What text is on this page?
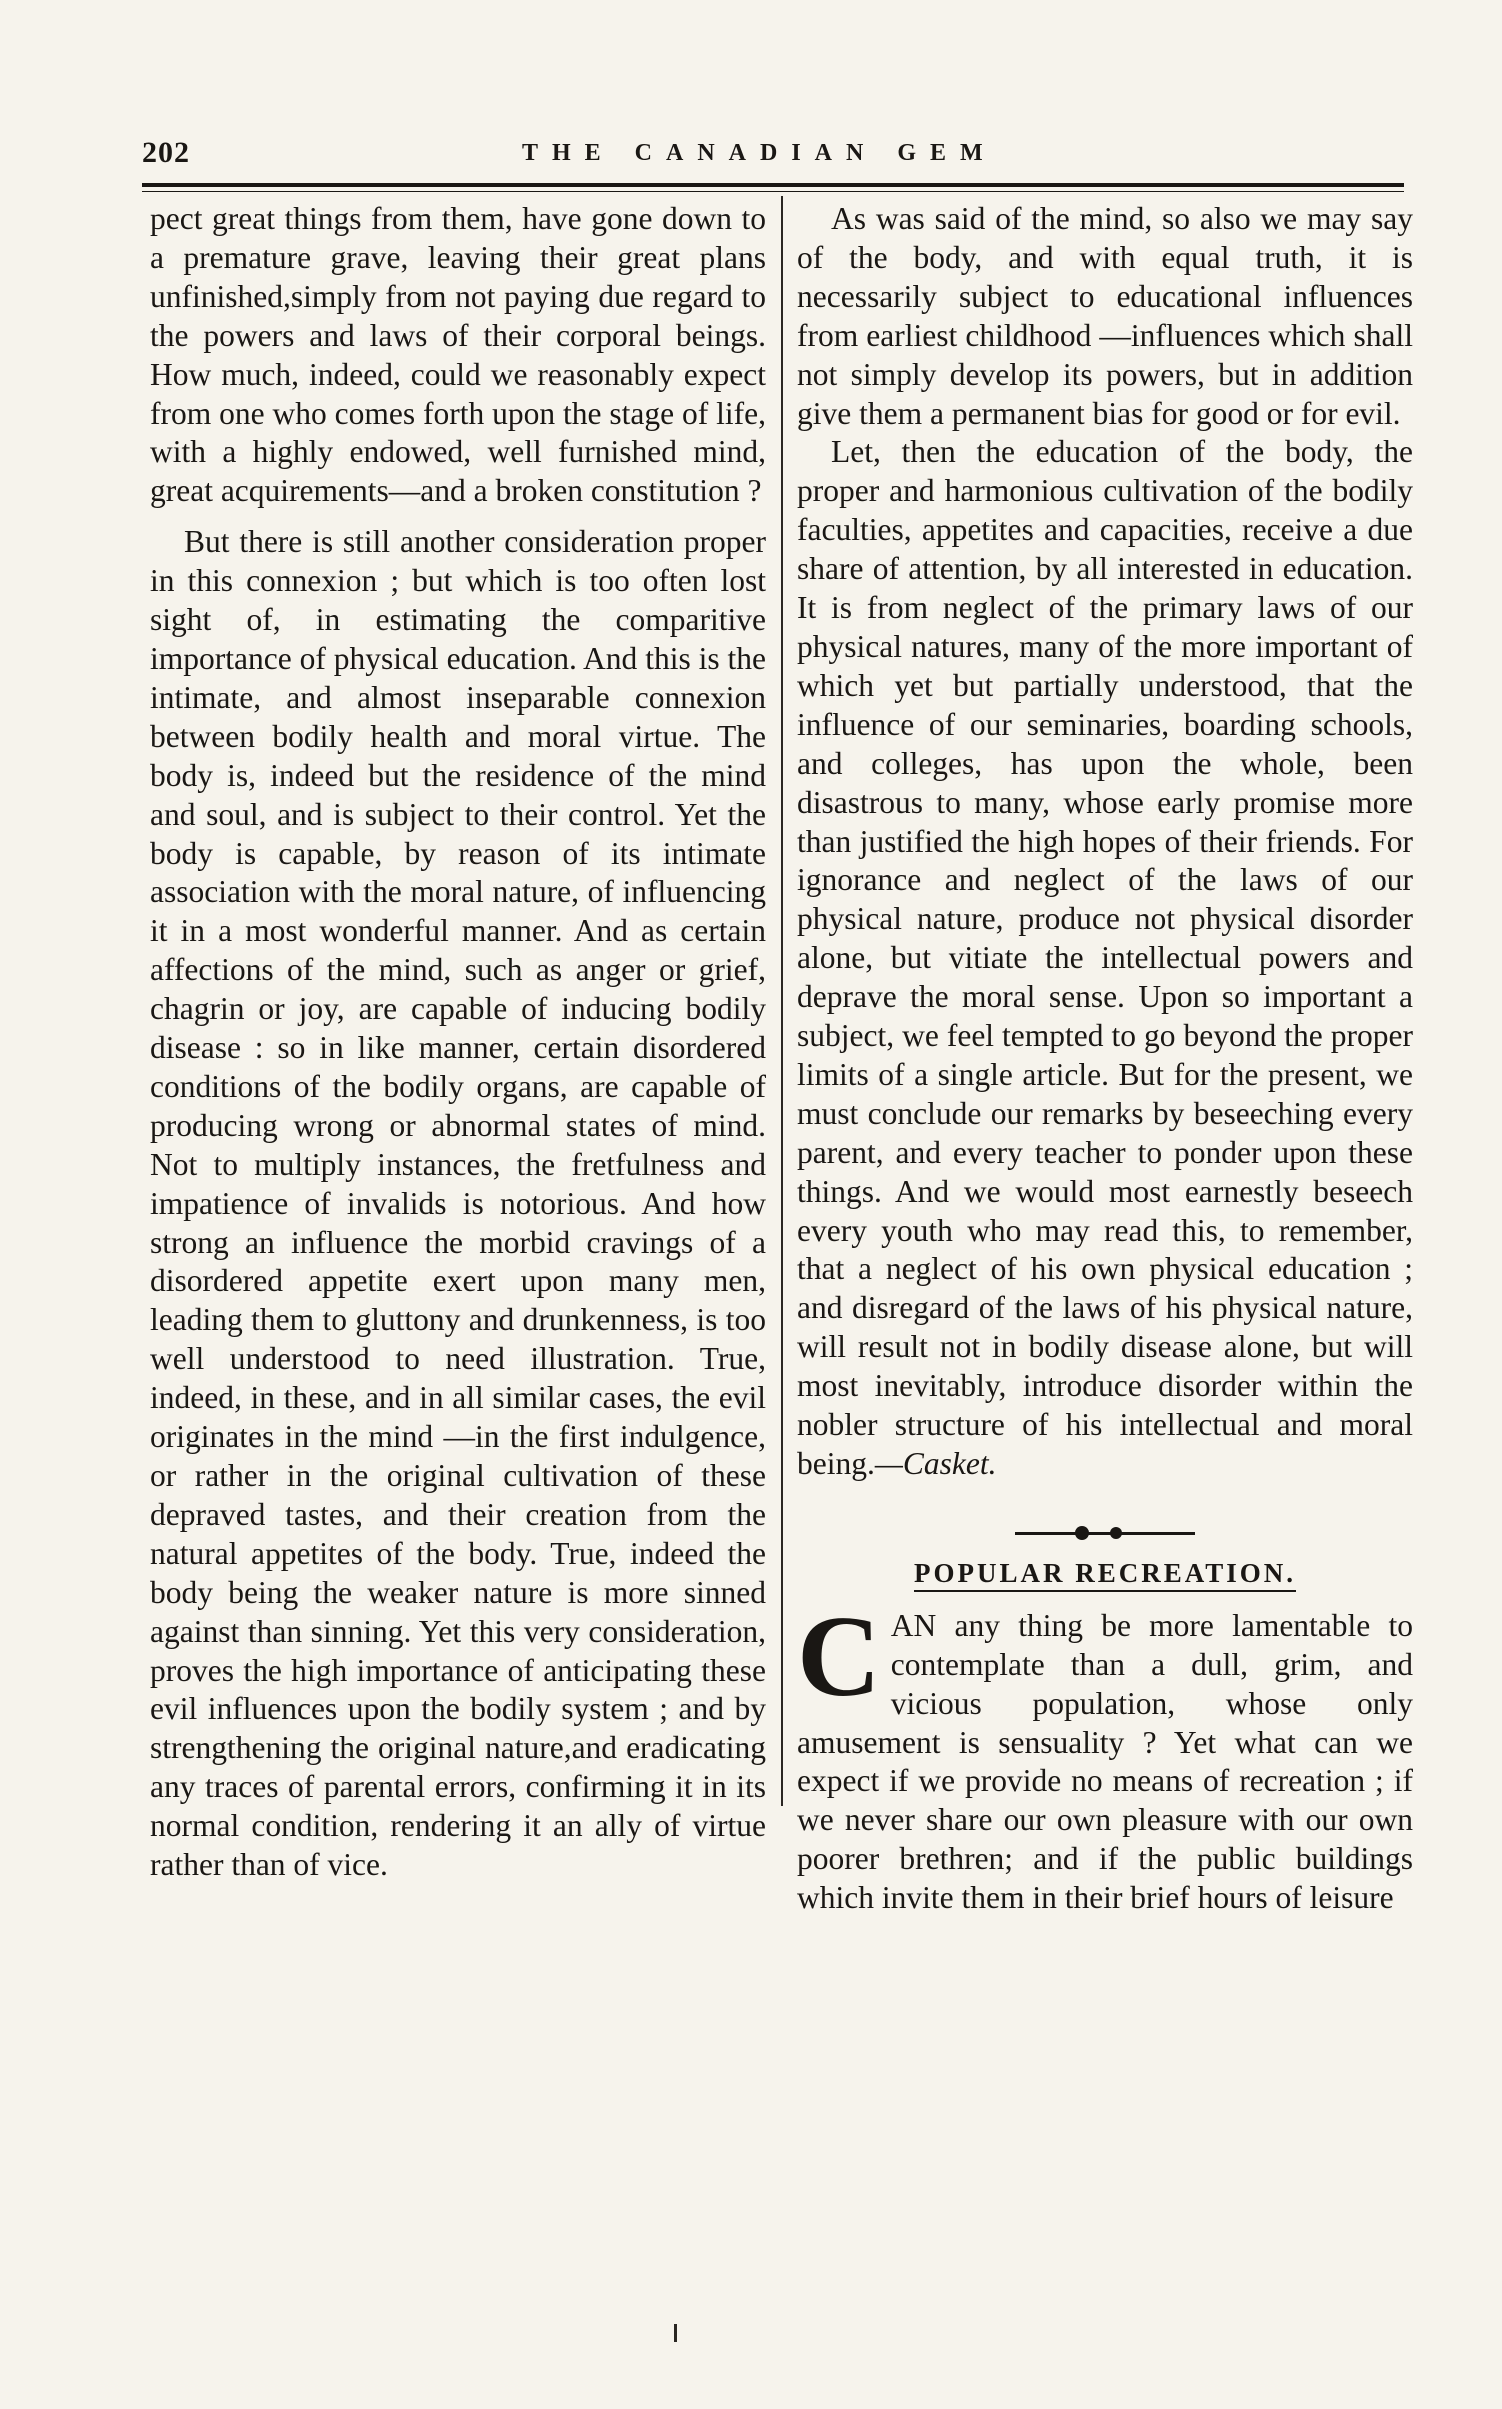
202	THE CANADIAN GEM

pect great things from them, have gone down to a premature grave, leaving their great plans unfinished,simply from not paying due regard to the powers and laws of their corporal beings. How much, indeed, could we reasonably expect from one who comes forth upon the stage of life, with a highly endowed, well furnished mind, great acquirements—and a broken constitution ?

But there is still another consideration proper in this connexion ; but which is too often lost sight of, in estimating the comparitive importance of physical education. And this is the intimate, and almost inseparable connexion between bodily health and moral virtue. The body is, indeed but the residence of the mind and soul, and is subject to their control. Yet the body is capable, by reason of its intimate association with the moral nature, of influencing it in a most wonderful manner. And as certain affections of the mind, such as anger or grief, chagrin or joy, are capable of inducing bodily disease : so in like manner, certain disordered conditions of the bodily organs, are capable of producing wrong or abnormal states of mind. Not to multiply instances, the fretfulness and impatience of invalids is notorious. And how strong an influence the morbid cravings of a disordered appetite exert upon many men, leading them to gluttony and drunkenness, is too well understood to need illustration. True, indeed, in these, and in all similar cases, the evil originates in the mind —in the first indulgence, or rather in the original cultivation of these depraved tastes, and their creation from the natural appetites of the body. True, indeed the body being the weaker nature is more sinned against than sinning. Yet this very consideration, proves the high importance of anticipating these evil influences upon the bodily system ; and by strengthening the original nature,and eradicating any traces of parental errors, confirming it in its normal condition, rendering it an ally of virtue rather than of vice.

As was said of the mind, so also we may say of the body, and with equal truth, it is necessarily subject to educational influences from earliest childhood —influences which shall not simply develop its powers, but in addition give them a permanent bias for good or for evil.

Let, then the education of the body, the proper and harmonious cultivation of the bodily faculties, appetites and capacities, receive a due share of attention, by all interested in education. It is from neglect of the primary laws of our physical natures, many of the more important of which yet but partially understood, that the influence of our seminaries, boarding schools, and colleges, has upon the whole, been disastrous to many, whose early promise more than justified the high hopes of their friends. For ignorance and neglect of the laws of our physical nature, produce not physical disorder alone, but vitiate the intellectual powers and deprave the moral sense. Upon so important a subject, we feel tempted to go beyond the proper limits of a single article. But for the present, we must conclude our remarks by beseeching every parent, and every teacher to ponder upon these things. And we would most earnestly beseech every youth who may read this, to remember, that a neglect of his own physical education ; and disregard of the laws of his physical nature, will result not in bodily disease alone, but will most inevitably, introduce disorder within the nobler structure of his intellectual and moral being.—Casket.

POPULAR RECREATION.

CAN any thing be more lamentable to contemplate than a dull, grim, and vicious population, whose only amusement is sensuality ? Yet what can we expect if we provide no means of recreation ; if we never share our own pleasure with our own poorer brethren; and if the public buildings which invite them in their brief hours of leisure
